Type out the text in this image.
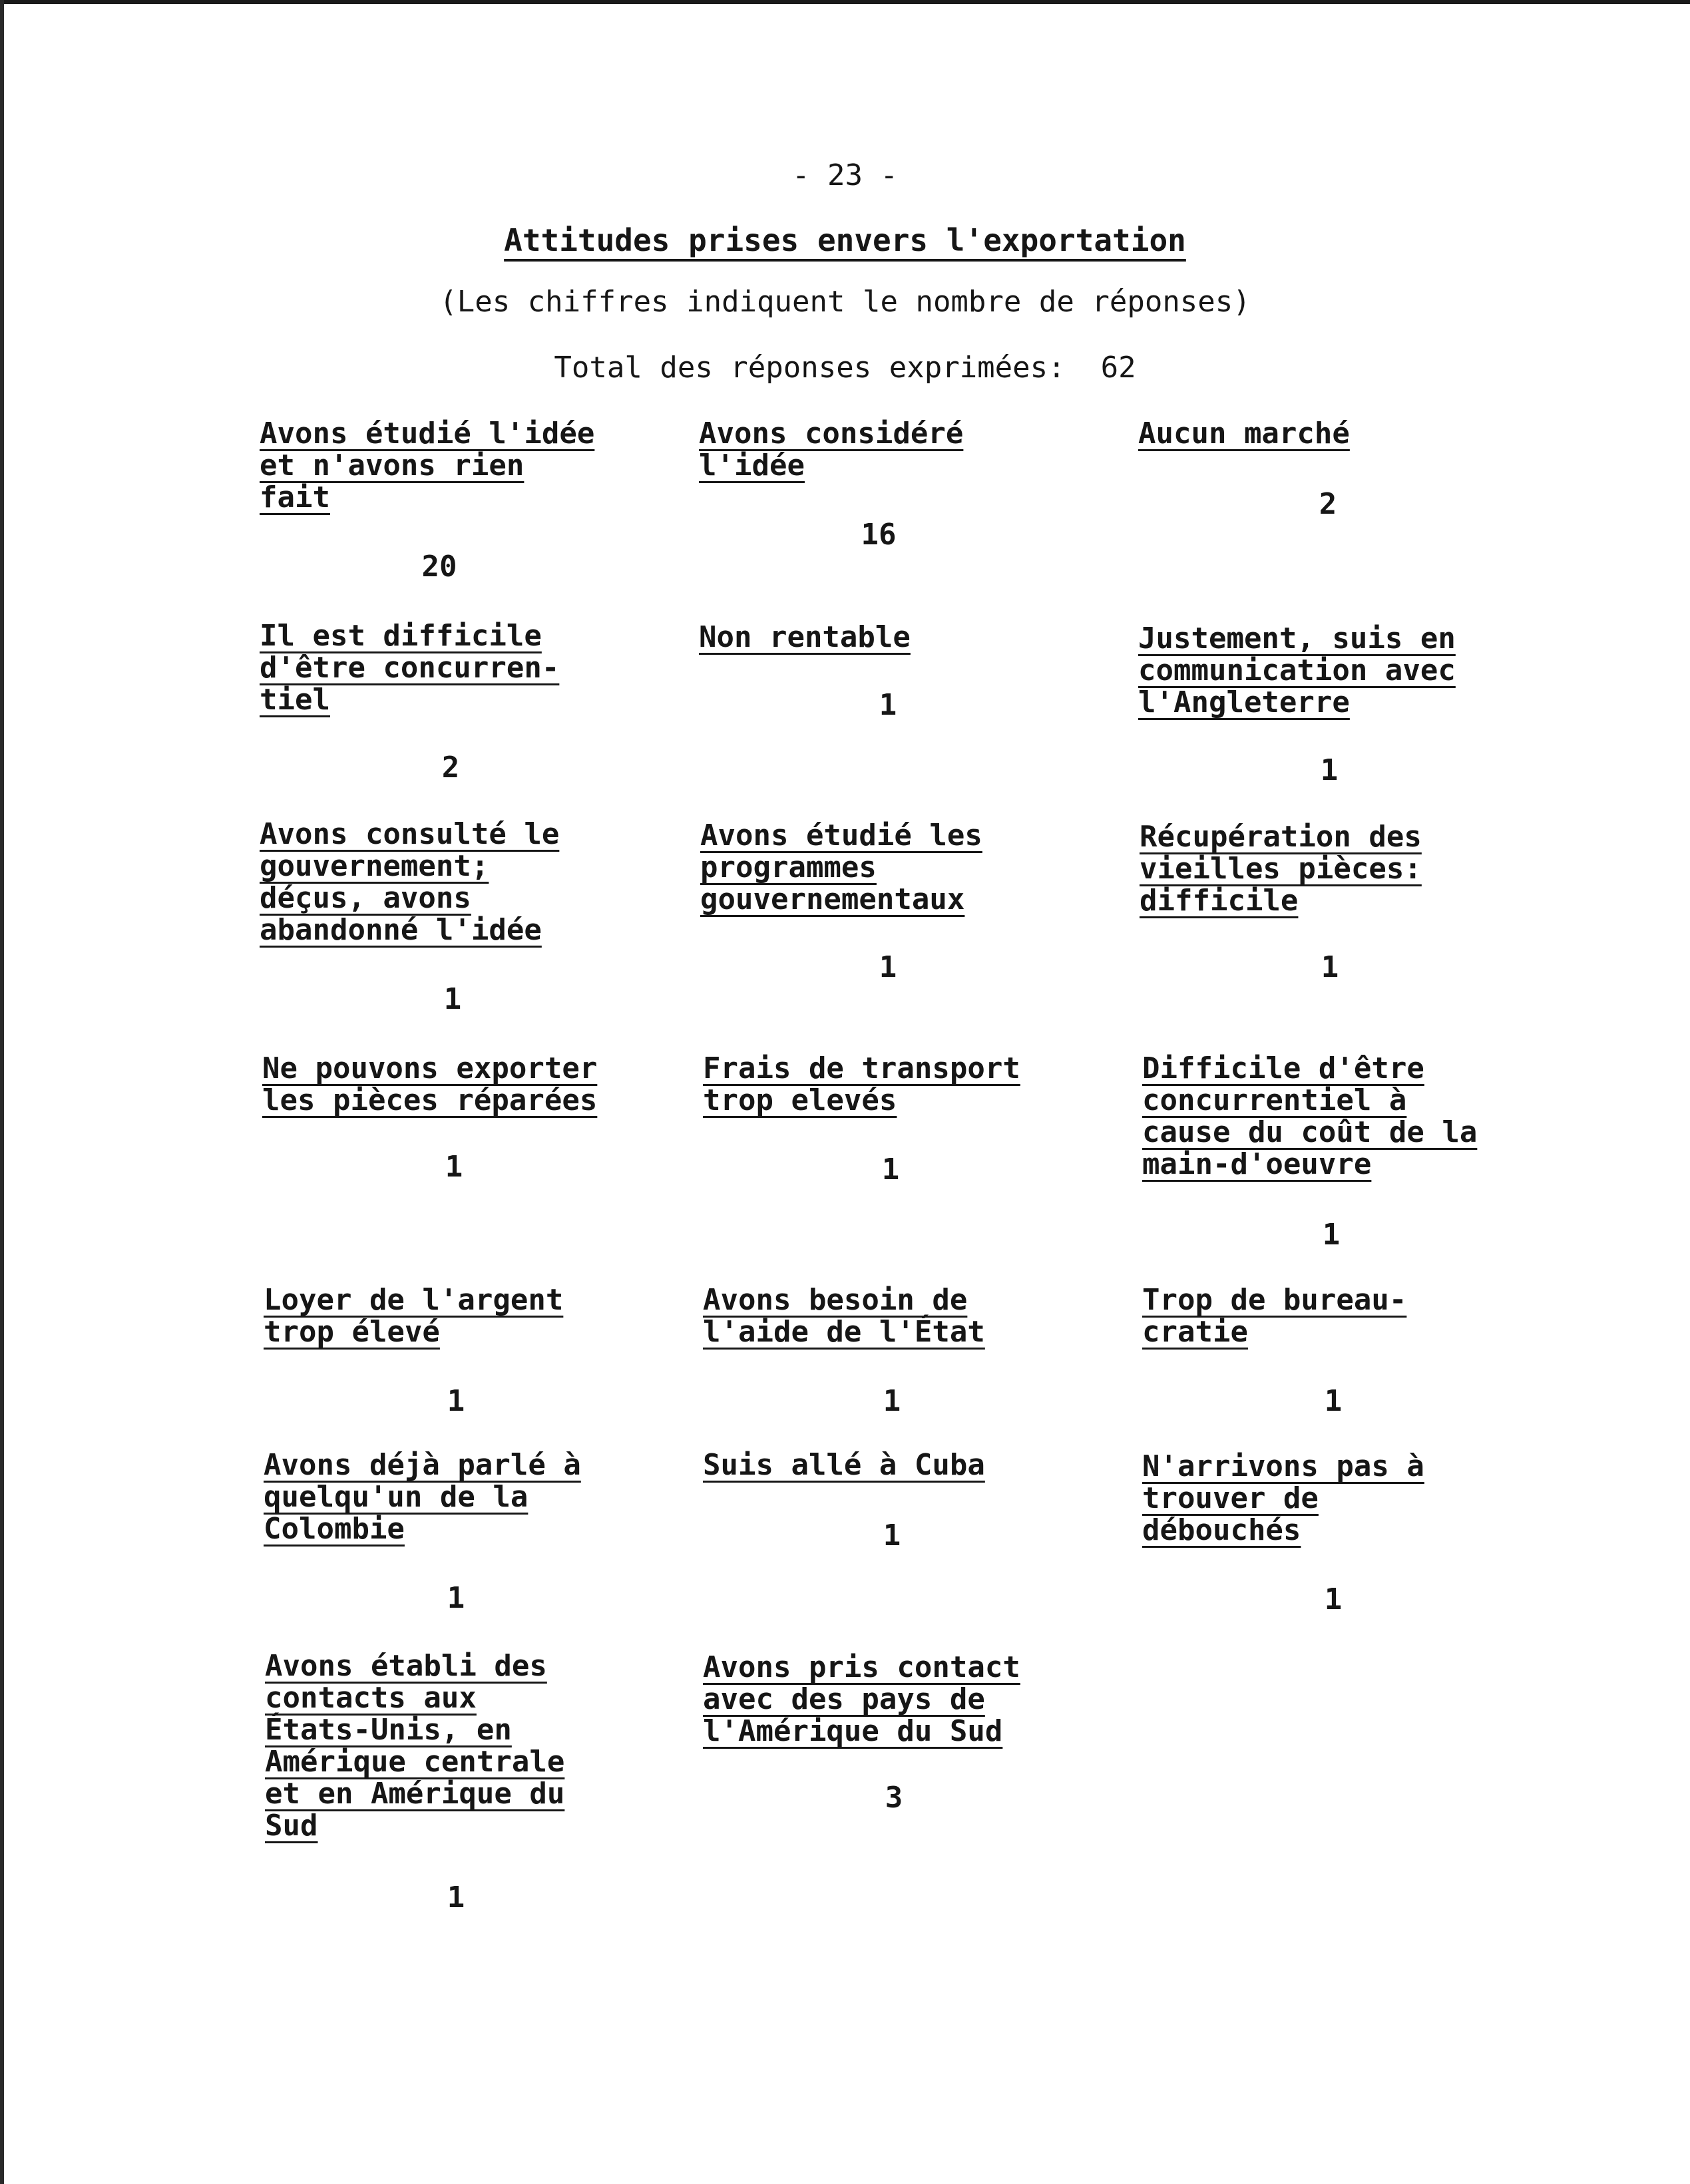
- 23 -
Attitudes prises envers l'exportation
(Les chiffres indiquent le nombre de réponses)
Total des réponses exprimées:  62
Avons étudié l'idée
et n'avons rien
fait
20
Avons considéré
l'idée
16
Aucun marché
2
Il est difficile
d'être concurren-
tiel
2
Non rentable
1
Justement, suis en
communication avec
l'Angleterre
1
Avons consulté le
gouvernement;
déçus, avons
abandonné l'idée
1
Avons étudié les
programmes
gouvernementaux
1
Récupération des
vieilles pièces:
difficile
1
Ne pouvons exporter
les pièces réparées
1
Frais de transport
trop elevés
1
Difficile d'être
concurrentiel à
cause du coût de la
main-d'oeuvre
1
Loyer de l'argent
trop élevé
1
Avons besoin de
l'aide de l'État
1
Trop de bureau-
cratie
1
Avons déjà parlé à
quelqu'un de la
Colombie
1
Suis allé à Cuba
1
N'arrivons pas à
trouver de
débouchés
1
Avons établi des
contacts aux
États-Unis, en
Amérique centrale
et en Amérique du
Sud
1
Avons pris contact
avec des pays de
l'Amérique du Sud
3
